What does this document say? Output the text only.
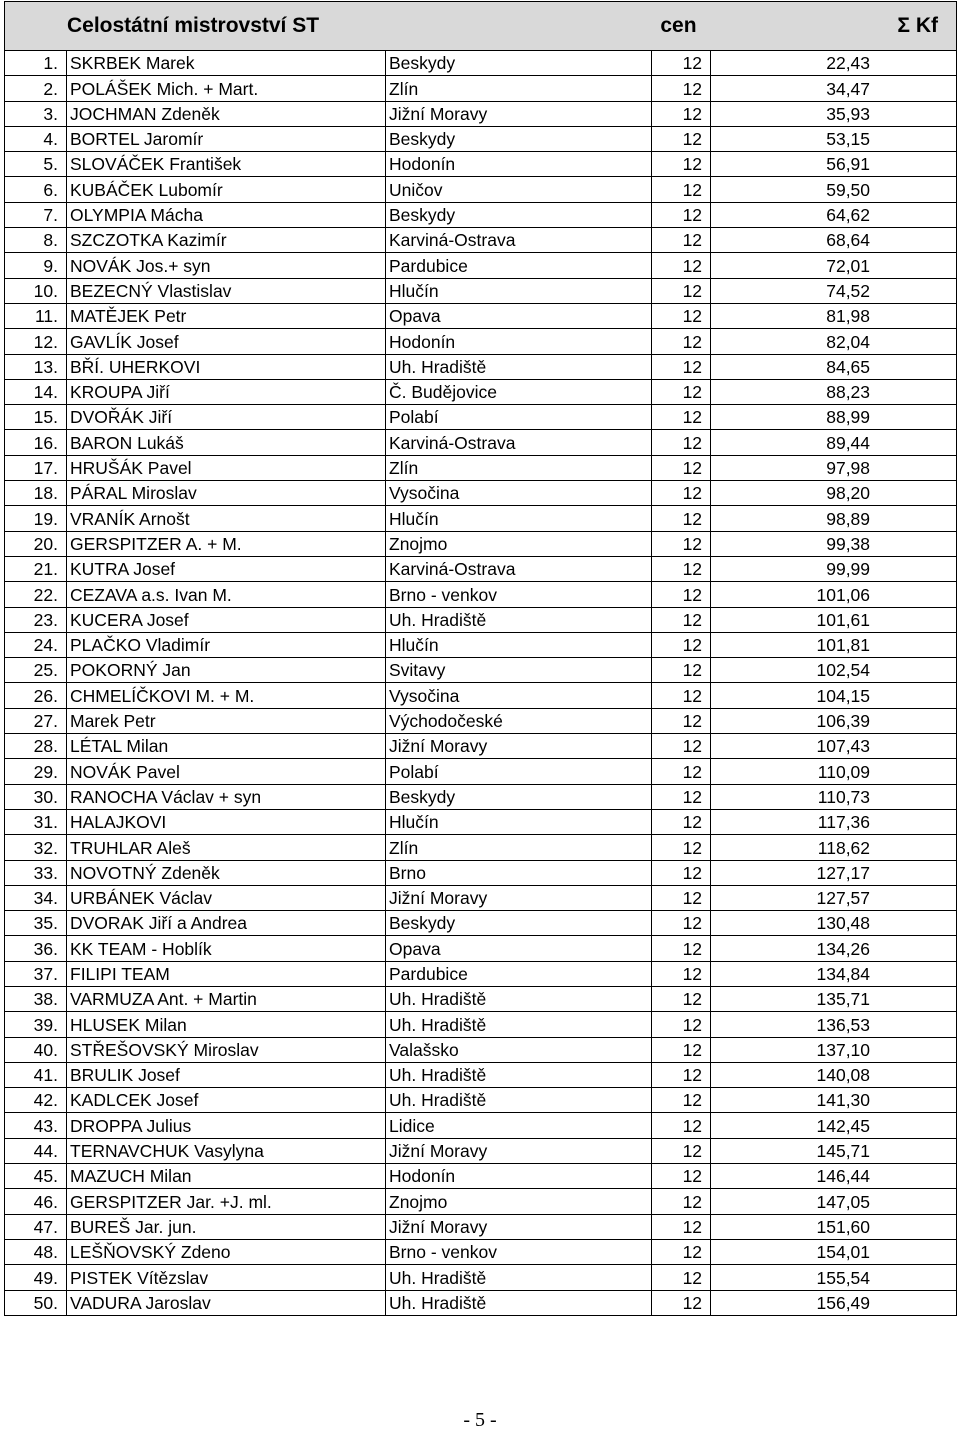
Celostátní mistrovství ST			cen	Σ Kf
1.	SKRBEK Marek	Beskydy	12	22,43
2.	POLÁŠEK Mich. + Mart.	Zlín	12	34,47
3.	JOCHMAN Zdeněk	Jižní Moravy	12	35,93
4.	BORTEL Jaromír	Beskydy	12	53,15
5.	SLOVÁČEK František	Hodonín	12	56,91
6.	KUBÁČEK Lubomír	Uničov	12	59,50
7.	OLYMPIA Mácha	Beskydy	12	64,62
8.	SZCZOTKA Kazimír	Karviná-Ostrava	12	68,64
9.	NOVÁK Jos.+ syn	Pardubice	12	72,01
10.	BEZECNÝ Vlastislav	Hlučín	12	74,52
11.	MATĚJEK Petr	Opava	12	81,98
12.	GAVLÍK Josef	Hodonín	12	82,04
13.	BŘÍ. UHERKOVI	Uh. Hradiště	12	84,65
14.	KROUPA Jiří	Č. Budějovice	12	88,23
15.	DVOŘÁK Jiří	Polabí	12	88,99
16.	BARON Lukáš	Karviná-Ostrava	12	89,44
17.	HRUŠÁK Pavel	Zlín	12	97,98
18.	PÁRAL Miroslav	Vysočina	12	98,20
19.	VRANÍK Arnošt	Hlučín	12	98,89
20.	GERSPITZER A. + M.	Znojmo	12	99,38
21.	KUTRA Josef	Karviná-Ostrava	12	99,99
22.	CEZAVA a.s. Ivan M.	Brno - venkov	12	101,06
23.	KUCERA Josef	Uh. Hradiště	12	101,61
24.	PLAČKO Vladimír	Hlučín	12	101,81
25.	POKORNÝ Jan	Svitavy	12	102,54
26.	CHMELÍČKOVI M. + M.	Vysočina	12	104,15
27.	Marek Petr	Východočeské	12	106,39
28.	LÉTAL Milan	Jižní Moravy	12	107,43
29.	NOVÁK Pavel	Polabí	12	110,09
30.	RANOCHA Václav + syn	Beskydy	12	110,73
31.	HALAJKOVI	Hlučín	12	117,36
32.	TRUHLAR Aleš	Zlín	12	118,62
33.	NOVOTNÝ Zdeněk	Brno	12	127,17
34.	URBÁNEK Václav	Jižní Moravy	12	127,57
35.	DVORAK Jiří a Andrea	Beskydy	12	130,48
36.	KK TEAM - Hoblík	Opava	12	134,26
37.	FILIPI TEAM	Pardubice	12	134,84
38.	VARMUZA Ant. + Martin	Uh. Hradiště	12	135,71
39.	HLUSEK Milan	Uh. Hradiště	12	136,53
40.	STŘEŠOVSKÝ Miroslav	Valašsko	12	137,10
41.	BRULIK Josef	Uh. Hradiště	12	140,08
42.	KADLCEK Josef	Uh. Hradiště	12	141,30
43.	DROPPA Julius	Lidice	12	142,45
44.	TERNAVCHUK Vasylyna	Jižní Moravy	12	145,71
45.	MAZUCH Milan	Hodonín	12	146,44
46.	GERSPITZER Jar. +J. ml.	Znojmo	12	147,05
47.	BUREŠ Jar. jun.	Jižní Moravy	12	151,60
48.	LEŠŇOVSKÝ Zdeno	Brno - venkov	12	154,01
49.	PISTEK Vítězslav	Uh. Hradiště	12	155,54
50.	VADURA Jaroslav	Uh. Hradiště	12	156,49
- 5 -
